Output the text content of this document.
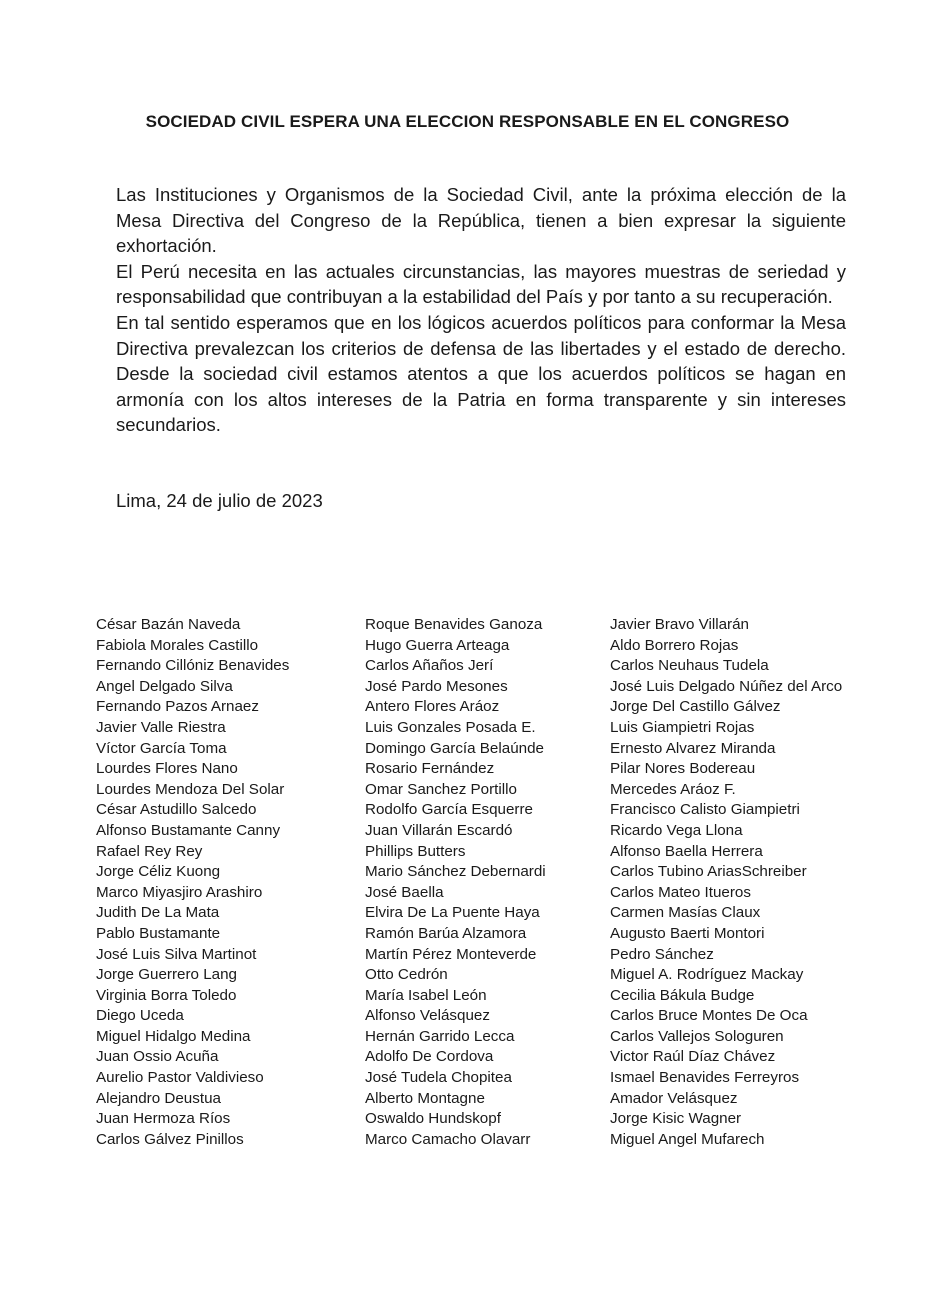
SOCIEDAD CIVIL ESPERA UNA ELECCION RESPONSABLE EN EL CONGRESO

Las Instituciones y Organismos de la Sociedad Civil, ante la próxima elección de la Mesa Directiva del Congreso de la República, tienen a bien expresar la siguiente exhortación.

El Perú necesita en las actuales circunstancias, las mayores muestras de seriedad y responsabilidad que contribuyan a la estabilidad del País y por tanto a su recuperación.

En tal sentido esperamos que en los lógicos acuerdos políticos para conformar la Mesa Directiva prevalezcan los criterios de defensa de las libertades y el estado de derecho. Desde la sociedad civil estamos atentos a que los acuerdos políticos se hagan en armonía con los altos intereses de la Patria en forma transparente y sin intereses secundarios.

Lima, 24 de julio de 2023

César Bazán Naveda
Fabiola Morales Castillo
Fernando Cillóniz Benavides
Angel Delgado Silva
Fernando Pazos Arnaez
Javier Valle Riestra
Víctor García Toma
Lourdes Flores Nano
Lourdes Mendoza Del Solar
César Astudillo Salcedo
Alfonso Bustamante Canny
Rafael Rey Rey
Jorge Céliz Kuong
Marco Miyasjiro Arashiro
Judith De La Mata
Pablo Bustamante
José Luis Silva Martinot
Jorge Guerrero Lang
Virginia Borra Toledo
Diego Uceda
Miguel Hidalgo Medina
Juan Ossio Acuña
Aurelio Pastor Valdivieso
Alejandro Deustua
Juan Hermoza Ríos
Carlos Gálvez Pinillos
Roque Benavides Ganoza
Hugo Guerra Arteaga
Carlos Añaños Jerí
José Pardo Mesones
Antero Flores Aráoz
Luis Gonzales Posada E.
Domingo García Belaúnde
Rosario Fernández
Omar Sanchez Portillo
Rodolfo García Esquerre
Juan Villarán Escardó
Phillips Butters
Mario Sánchez Debernardi
José Baella
Elvira De La Puente Haya
Ramón Barúa Alzamora
Martín Pérez Monteverde
Otto Cedrón
María Isabel León
Alfonso Velásquez
Hernán Garrido Lecca
Adolfo De Cordova
José Tudela Chopitea
Alberto Montagne
Oswaldo Hundskopf
Marco Camacho Olavarr
Javier Bravo Villarán
Aldo Borrero Rojas
Carlos Neuhaus Tudela
José Luis Delgado Núñez del Arco
Jorge Del Castillo Gálvez
Luis Giampietri Rojas
Ernesto Alvarez Miranda
Pilar Nores Bodereau
Mercedes Aráoz F.
Francisco Calisto Giampietri
Ricardo Vega Llona
Alfonso Baella Herrera
Carlos Tubino AriasSchreiber
Carlos Mateo Itueros
Carmen Masías Claux
Augusto Baerti Montori
Pedro Sánchez
Miguel A. Rodríguez Mackay
Cecilia Bákula Budge
Carlos Bruce Montes De Oca
Carlos Vallejos Sologuren
Victor Raúl Díaz Chávez
Ismael Benavides Ferreyros
Amador Velásquez
Jorge Kisic Wagner
Miguel Angel Mufarech
